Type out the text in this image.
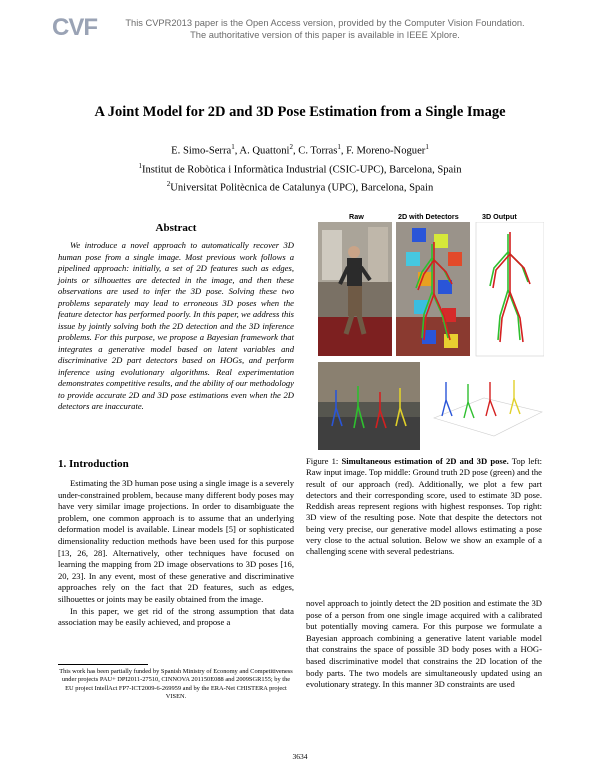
CVF	This CVPR2013 paper is the Open Access version, provided by the Computer Vision Foundation.
The authoritative version of this paper is available in IEEE Xplore.
A Joint Model for 2D and 3D Pose Estimation from a Single Image
E. Simo-Serra$^1$, A. Quattoni$^2$, C. Torras$^1$, F. Moreno-Noguer$^1$
$^1$Institut de Robòtica i Informàtica Industrial (CSIC-UPC), Barcelona, Spain
$^2$Universitat Politècnica de Catalunya (UPC), Barcelona, Spain
Abstract
We introduce a novel approach to automatically recover 3D human pose from a single image. Most previous work follows a pipelined approach: initially, a set of 2D features such as edges, joints or silhouettes are detected in the image, and then these observations are used to infer the 3D pose. Solving these two problems separately may lead to erroneous 3D poses when the feature detector has performed poorly. In this paper, we address this issue by jointly solving both the 2D detection and the 3D inference problems. For this purpose, we propose a Bayesian framework that integrates a generative model based on latent variables and discriminative 2D part detectors based on HOGs, and perform inference using evolutionary algorithms. Real experimentation demonstrates competitive results, and the ability of our methodology to provide accurate 2D and 3D pose estimations even when the 2D detectors are inaccurate.
Raw	2D with Detectors	3D Output
Figure 1: Simultaneous estimation of 2D and 3D pose. Top left: Raw input image. Top middle: Ground truth 2D pose (green) and the result of our approach (red). Additionally, we plot a few part detectors and their corresponding score, used to estimate 3D pose. Reddish areas represent regions with highest responses. Top right: 3D view of the resulting pose. Note that despite the detectors not being very precise, our generative model allows estimating a pose very close to the actual solution. Below we show an example of a challenging scene with several pedestrians.
1. Introduction

Estimating the 3D human pose using a single image is a severely under-constrained problem, because many different body poses may have very similar image projections. In order to disambiguate the problem, one common approach is to assume that an underlying deformation model is available. Linear models [5] or sophisticated dimensionality reduction methods have been used for this purpose [13, 26, 28]. Alternatively, other techniques have focused on learning the mapping from 2D image observations to 3D poses [16, 20, 23]. In any event, most of these generative and discriminative approaches rely on the fact that 2D features, such as edges, silhouettes or joints may be easily obtained from the image.

In this paper, we get rid of the strong assumption that data association may be easily achieved, and propose a

novel approach to jointly detect the 2D position and estimate the 3D pose of a person from one single image acquired with a calibrated but potentially moving camera. For this purpose we formulate a Bayesian approach combining a generative latent variable model that constrains the space of possible 3D body poses with a HOG-based discriminative model that constrains the 2D location of the body parts. The two models are simultaneously updated using an evolutionary strategy. In this manner 3D constraints are used

This work has been partially funded by Spanish Ministry of Economy and Competitiveness under projects PAU+ DPI2011-27510, CINNOVA 201150E088 and 2009SGR155; by the EU project IntellAct FP7-ICT2009-6-269959 and by the ERA-Net CHISTERA project VISEN.
3634
